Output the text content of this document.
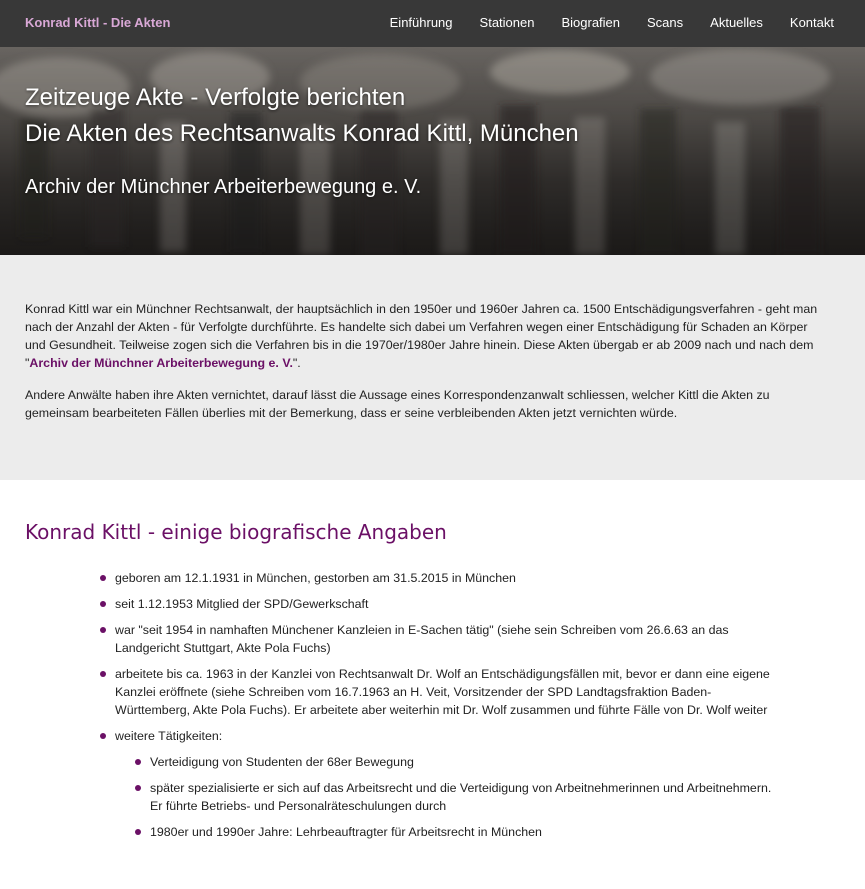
Konrad Kittl - Die Akten	Einführung Stationen Biografien Scans Aktuelles Kontakt
Zeitzeuge Akte - Verfolgte berichten
Die Akten des Rechtsanwalts Konrad Kittl, München
Archiv der Münchner Arbeiterbewegung e. V.

Konrad Kittl war ein Münchner Rechtsanwalt, der hauptsächlich in den 1950er und 1960er Jahren ca. 1500 Entschädigungsverfahren - geht man nach der Anzahl der Akten - für Verfolgte durchführte. Es handelte sich dabei um Verfahren wegen einer Entschädigung für Schaden an Körper und Gesundheit. Teilweise zogen sich die Verfahren bis in die 1970er/1980er Jahre hinein. Diese Akten übergab er ab 2009 nach und nach dem "Archiv der Münchner Arbeiterbewegung e. V.".

Andere Anwälte haben ihre Akten vernichtet, darauf lässt die Aussage eines Korrespondenzanwalt schliessen, welcher Kittl die Akten zu gemeinsam bearbeiteten Fällen überlies mit der Bemerkung, dass er seine verbleibenden Akten jetzt vernichten würde.

Konrad Kittl - einige biografische Angaben
geboren am 12.1.1931 in München, gestorben am 31.5.2015 in München
seit 1.12.1953 Mitglied der SPD/Gewerkschaft
war "seit 1954 in namhaften Münchener Kanzleien in E-Sachen tätig" (siehe sein Schreiben vom 26.6.63 an das Landgericht Stuttgart, Akte Pola Fuchs)
arbeitete bis ca. 1963 in der Kanzlei von Rechtsanwalt Dr. Wolf an Entschädigungsfällen mit, bevor er dann eine eigene Kanzlei eröffnete (siehe Schreiben vom 16.7.1963 an H. Veit, Vorsitzender der SPD Landtagsfraktion Baden-Württemberg, Akte Pola Fuchs). Er arbeitete aber weiterhin mit Dr. Wolf zusammen und führte Fälle von Dr. Wolf weiter
weitere Tätigkeiten:
Verteidigung von Studenten der 68er Bewegung
später spezialisierte er sich auf das Arbeitsrecht und die Verteidigung von Arbeitnehmerinnen und Arbeitnehmern. Er führte Betriebs- und Personalräteschulungen durch
1980er und 1990er Jahre: Lehrbeauftragter für Arbeitsrecht in München
